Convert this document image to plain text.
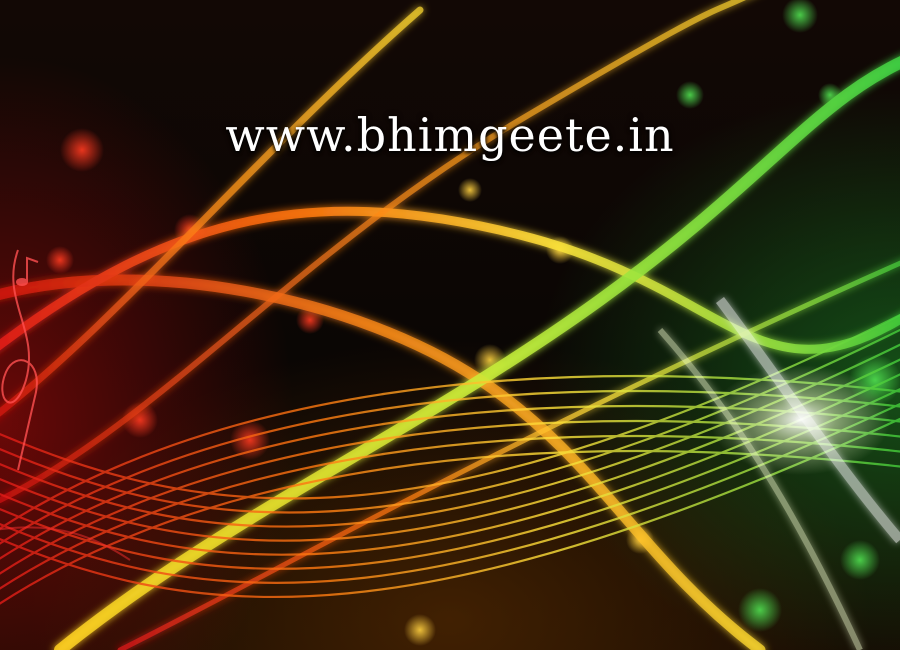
www.bhimgeete.in
